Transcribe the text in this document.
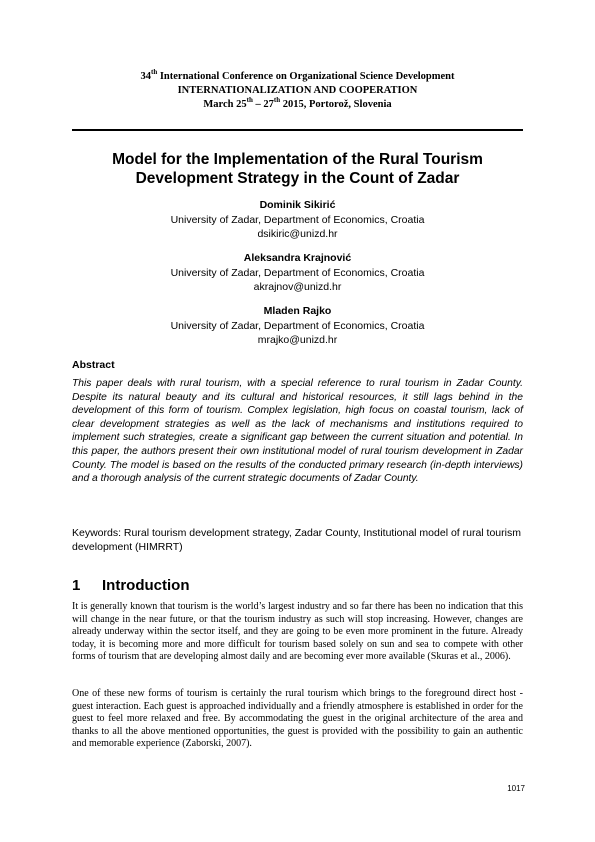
34th International Conference on Organizational Science Development
INTERNATIONALIZATION AND COOPERATION
March 25th – 27th 2015, Portorož, Slovenia
Model for the Implementation of the Rural Tourism
Development Strategy in the Count of Zadar
Dominik Sikirić
University of Zadar, Department of Economics, Croatia
dsikiric@unizd.hr
Aleksandra Krajnović
University of Zadar, Department of Economics, Croatia
akrajnov@unizd.hr
Mladen Rajko
University of Zadar, Department of Economics, Croatia
mrajko@unizd.hr
Abstract

This paper deals with rural tourism, with a special reference to rural tourism in Zadar County. Despite its natural beauty and its cultural and historical resources, it still lags behind in the development of this form of tourism. Complex legislation, high focus on coastal tourism, lack of clear development strategies as well as the lack of mechanisms and institutions required to implement such strategies, create a significant gap between the current situation and potential. In this paper, the authors present their own institutional model of rural tourism development in Zadar County. The model is based on the results of the conducted primary research (in-depth interviews) and a thorough analysis of the current strategic documents of Zadar County.

Keywords: Rural tourism development strategy, Zadar County, Institutional model of rural tourism development (HIMRRT)

1 Introduction

It is generally known that tourism is the world’s largest industry and so far there has been no indication that this will change in the near future, or that the tourism industry as such will stop increasing. However, changes are already underway within the sector itself, and they are going to be even more prominent in the future. Already today, it is becoming more and more difficult for tourism based solely on sun and sea to compete with other forms of tourism that are developing almost daily and are becoming ever more available (Skuras et al., 2006).

One of these new forms of tourism is certainly the rural tourism which brings to the foreground direct host - guest interaction. Each guest is approached individually and a friendly atmosphere is established in order for the guest to feel more relaxed and free. By accommodating the guest in the original architecture of the area and thanks to all the above mentioned opportunities, the guest is provided with the possibility to gain an authentic and memorable experience (Zaborski, 2007).

1017
